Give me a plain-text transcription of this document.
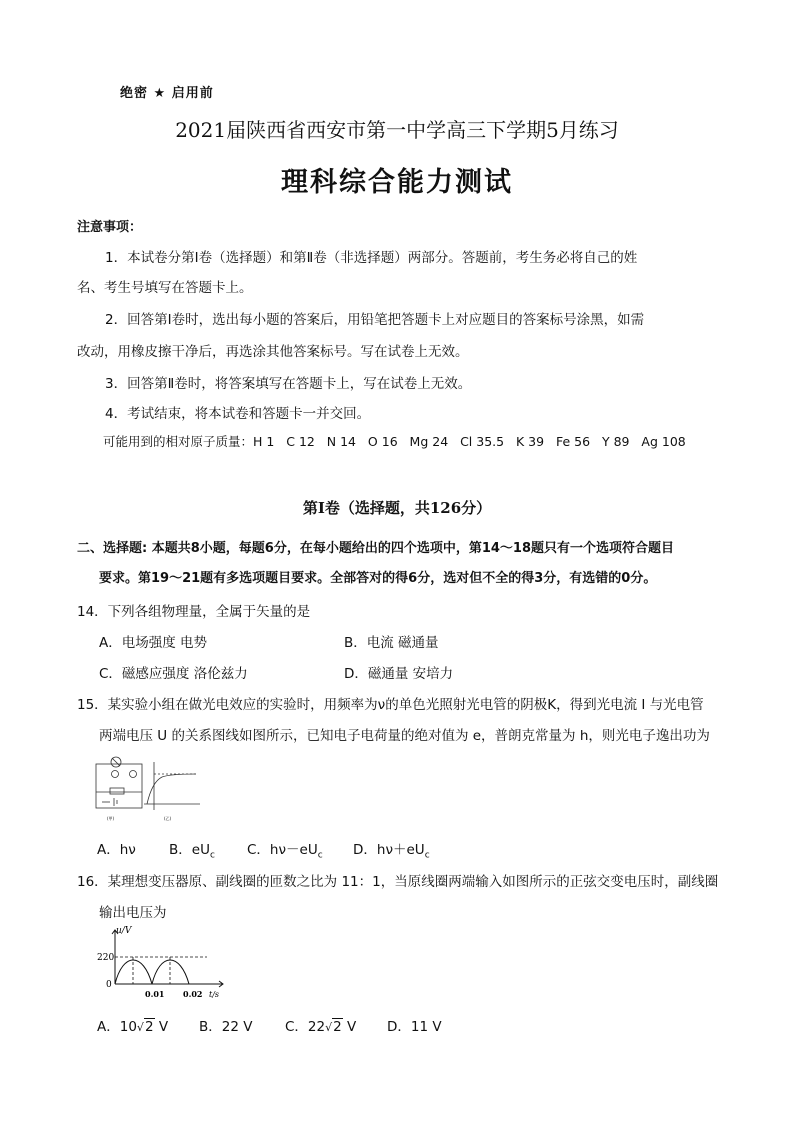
绝密 ★ 启用前
2021届陕西省西安市第一中学高三下学期5月练习
理科综合能力测试
注意事项：
1．本试卷分第Ⅰ卷（选择题）和第Ⅱ卷（非选择题）两部分。答题前，考生务必将自己的姓
名、考生号填写在答题卡上。
2．回答第Ⅰ卷时，选出每小题的答案后，用铅笔把答题卡上对应题目的答案标号涂黑，如需
改动，用橡皮擦干净后，再选涂其他答案标号。写在试卷上无效。
3．回答第Ⅱ卷时，将答案填写在答题卡上，写在试卷上无效。
4．考试结束，将本试卷和答题卡一并交回。
可能用到的相对原子质量：H 1   C 12   N 14   O 16   Mg 24   Cl 35.5   K 39   Fe 56   Y 89   Ag 108
第Ⅰ卷（选择题，共126分）
二、选择题: 本题共8小题，每题6分，在每小题给出的四个选项中，第14～18题只有一个选项符合题目
要求。第19～21题有多选项题目要求。全部答对的得6分，选对但不全的得3分，有选错的0分。
14．下列各组物理量，全属于矢量的是
A．电场强度 电势	B．电流 磁通量
C．磁感应强度 洛伦兹力	D．磁通量 安培力
15．某实验小组在做光电效应的实验时，用频率为ν的单色光照射光电管的阴极K，得到光电流 I 与光电管
两端电压 U 的关系图线如图所示，已知电子电荷量的绝对值为 e，普朗克常量为 h，则光电子逸出功为
(甲)	(乙)
A．hν B．$eU_c$ C．$h\nu-eU_c$ D．$h\nu+eU_c$
16．某理想变压器原、副线圈的匝数之比为 11：1，当原线圈两端输入如图所示的正弦交变电压时，副线圈
输出电压为
u/V
220
0
0.01 0.02 t/s
A．10√2 V B．22 V C．22√2 V D．11 V
